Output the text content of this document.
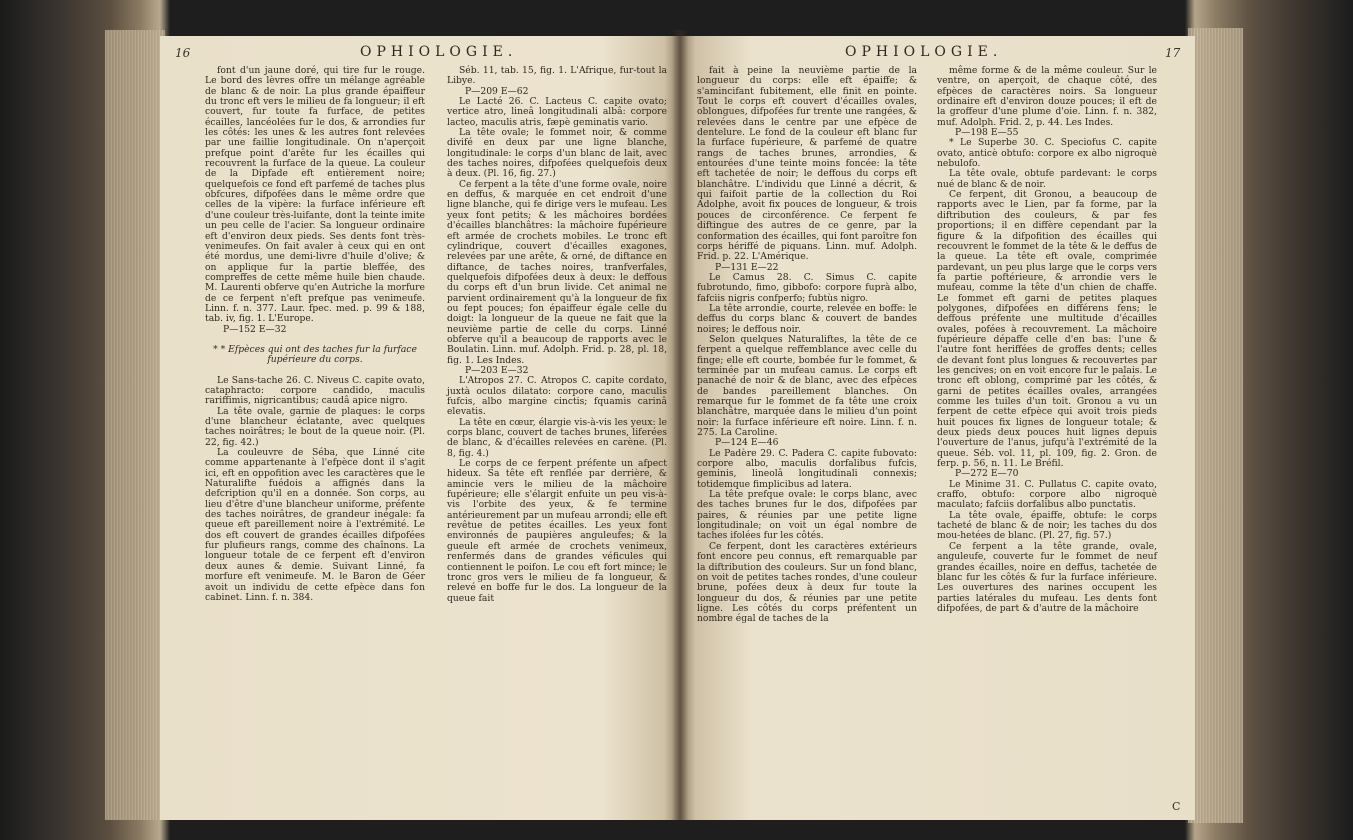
16	OPHIOLOGIE.	OPHIOLOGIE.	17

font d'un jaune doré, qui tire fur le rouge. Le bord des lèvres offre un mélange agréable de blanc & de noir. La plus grande épaiffeur du tronc eft vers le milieu de fa longueur; il eft couvert, fur toute fa furface, de petites écailles, lancéolées fur le dos, & arrondies fur les côtés: les unes & les autres font relevées par une faillie longitudinale. On n'aperçoit prefque point d'arête fur les écailles qui recouvrent la furface de la queue. La couleur de la Dipfade eft entièrement noire; quelquefois ce fond eft parfemé de taches plus obfcures, difpofées dans le même ordre que celles de la vipère: la furface inférieure eft d'une couleur très-luifante, dont la teinte imite un peu celle de l'acier. Sa longueur ordinaire eft d'environ deux pieds. Ses dents font très-venimeufes. On fait avaler à ceux qui en ont été mordus, une demi-livre d'huile d'olive; & on applique fur la partie bleffée, des compreffes de cette même huile bien chaude. M. Laurenti obferve qu'en Autriche la morfure de ce ferpent n'eft prefque pas venimeufe. Linn. f. n. 377. Laur. fpec. med. p. 99 & 188, tab. iv, fig. 1. L'Europe.

P—152 E—32

* * Efpèces qui ont des taches fur la furface fupérieure du corps.

Le Sans-tache 26. C. Niveus C. capite ovato, cataphracto: corpore candido, maculis rariffimis, nigricantibus; caudâ apice nigro.

La tête ovale, garnie de plaques: le corps d'une blancheur éclatante, avec quelques taches noirâtres; le bout de la queue noir. (Pl. 22, fig. 42.)

La couleuvre de Séba, que Linné cite comme appartenante à l'efpèce dont il s'agit ici, eft en oppofition avec les caractères que le Naturalifte fuédois a affignés dans la defcription qu'il en a donnée. Son corps, au lieu d'être d'une blancheur uniforme, préfente des taches noirâtres, de grandeur inégale: fa queue eft pareillement noire à l'extrémité. Le dos eft couvert de grandes écailles difpofées fur plufieurs rangs, comme des chaînons. La longueur totale de ce ferpent eft d'environ deux aunes & demie. Suivant Linné, fa morfure eft venimeufe. M. le Baron de Géer avoit un individu de cette efpèce dans fon cabinet. Linn. f. n. 384.

Séb. 11, tab. 15, fig. 1. L'Afrique, fur-tout la Libye.

P—209 E—62

Le Lacté 26. C. Lacteus C. capite ovato; vertice atro, lineâ longitudinali albâ: corpore lacteo, maculis atris, fæpè geminatis vario.

La tête ovale; le fommet noir, & comme divifé en deux par une ligne blanche, longitudinale: le corps d'un blanc de lait, avec des taches noires, difpofées quelquefois deux à deux. (Pl. 16, fig. 27.)

Ce ferpent a la tête d'une forme ovale, noire en deffus, & marquée en cet endroit d'une ligne blanche, qui fe dirige vers le mufeau. Les yeux font petits; & les mâchoires bordées d'écailles blanchâtres: la mâchoire fupérieure eft armée de crochets mobiles. Le tronc eft cylindrique, couvert d'écailles exagones, relevées par une arête, & orné, de diftance en diftance, de taches noires, tranfverfales, quelquefois difpofées deux à deux: le deffous du corps eft d'un brun livide. Cet animal ne parvient ordinairement qu'à la longueur de fix ou fept pouces; fon épaiffeur égale celle du doigt: la longueur de la queue ne fait que la neuvième partie de celle du corps. Linné obferve qu'il a beaucoup de rapports avec le Boulatin. Linn. muf. Adolph. Frid. p. 28, pl. 18, fig. 1. Les Indes.

P—203 E—32

L'Atropos 27. C. Atropos C. capite cordato, juxtà oculos dilatato: corpore cano, maculis fufcis, albo margine cinctis; fquamis carinâ elevatis.

La tête en cœur, élargie vis-à-vis les yeux: le corps blanc, couvert de taches brunes, liferées de blanc, & d'écailles relevées en carène. (Pl. 8, fig. 4.)

Le corps de ce ferpent préfente un afpect hideux. Sa tête eft renflée par derrière, & amincie vers le milieu de la mâchoire fupérieure; elle s'élargit enfuite un peu vis-à-vis l'orbite des yeux, & fe termine antérieurement par un mufeau arrondi; elle eft revêtue de petites écailles. Les yeux font environnés de paupières anguleufes; & la gueule eft armée de crochets venimeux, renfermés dans de grandes véficules qui contiennent le poifon. Le cou eft fort mince; le tronc gros vers le milieu de fa longueur, & relevé en boffe fur le dos. La longueur de la queue fait

fait à peine la neuvième partie de la longueur du corps: elle eft épaiffe; & s'amincifant fubitement, elle finit en pointe. Tout le corps eft couvert d'écailles ovales, oblongues, difpofées fur trente une rangées, & relevées dans le centre par une efpèce de dentelure. Le fond de la couleur eft blanc fur la furface fupérieure, & parfemé de quatre rangs de taches brunes, arrondies, & entourées d'une teinte moins foncée: la tête eft tachetée de noir; le deffous du corps eft blanchâtre. L'individu que Linné a décrit, & qui faifoit partie de la collection du Roi Adolphe, avoit fix pouces de longueur, & trois pouces de circonférence. Ce ferpent fe diftingue des autres de ce genre, par la conformation des écailles, qui font paroître fon corps hériffé de piquans. Linn. muf. Adolph. Frid. p. 22. L'Amérique.

P—131 E—22

Le Camus 28. C. Simus C. capite fubrotundo, fimo, gibbofo: corpore fuprà albo, fafciis nigris confperfo; fubtùs nigro.

La tête arrondie, courte, relevée en boffe: le deffus du corps blanc & couvert de bandes noires; le deffous noir.

Selon quelques Naturaliftes, la tête de ce ferpent a quelque reffemblance avec celle du finge; elle eft courte, bombée fur le fommet, & terminée par un mufeau camus. Le corps eft panaché de noir & de blanc, avec des efpèces de bandes pareillement blanches. On remarque fur le fommet de fa tête une croix blanchâtre, marquée dans le milieu d'un point noir: la furface inférieure eft noire. Linn. f. n. 275. La Caroline.

P—124 E—46

Le Padère 29. C. Padera C. capite fubovato: corpore albo, maculis dorfalibus fufcis, geminis, lineolâ longitudinali connexis; totidemque fimplicibus ad latera.

La tête prefque ovale: le corps blanc, avec des taches brunes fur le dos, difpofées par paires, & réunies par une petite ligne longitudinale; on voit un égal nombre de taches ifolées fur les côtés.

Ce ferpent, dont les caractères extérieurs font encore peu connus, eft remarquable par la diftribution des couleurs. Sur un fond blanc, on voit de petites taches rondes, d'une couleur brune, pofées deux à deux fur toute la longueur du dos, & réunies par une petite ligne. Les côtés du corps préfentent un nombre égal de taches de la

même forme & de la même couleur. Sur le ventre, on aperçoit, de chaque côté, des efpèces de caractères noirs. Sa longueur ordinaire eft d'environ douze pouces; il eft de la groffeur d'une plume d'oie. Linn. f. n. 382, muf. Adolph. Frid. 2, p. 44. Les Indes.

P—198 E—55

* Le Superbe 30. C. Speciofus C. capite ovato, anticè obtufo: corpore ex albo nigroquè nebulofo.

La tête ovale, obtufe pardevant: le corps nué de blanc & de noir.

Ce ferpent, dit Gronou, a beaucoup de rapports avec le Lien, par fa forme, par la diftribution des couleurs, & par fes proportions; il en diffère cependant par la figure & la difpofition des écailles qui recouvrent le fommet de la tête & le deffus de la queue. La tête eft ovale, comprimée pardevant, un peu plus large que le corps vers fa partie poftérieure, & arrondie vers le mufeau, comme la tête d'un chien de chaffe. Le fommet eft garni de petites plaques polygones, difpofées en différens fens; le deffous préfente une multitude d'écailles ovales, pofées à recouvrement. La mâchoire fupérieure dépaffe celle d'en bas: l'une & l'autre font heriffées de groffes dents; celles de devant font plus longues & recouvertes par les gencives; on en voit encore fur le palais. Le tronc eft oblong, comprimé par les côtés, & garni de petites écailles ovales, arrangées comme les tuiles d'un toit. Gronou a vu un ferpent de cette efpèce qui avoit trois pieds huit pouces fix lignes de longueur totale; & deux pieds deux pouces huit lignes depuis l'ouverture de l'anus, jufqu'à l'extrémité de la queue. Séb. vol. 11, pl. 109, fig. 2. Gron. de ferp. p. 56, n. 11. Le Bréfil.

P—272 E—70

Le Minime 31. C. Pullatus C. capite ovato, craffo, obtufo: corpore albo nigroquè maculato; fafciis dorfalibus albo punctatis.

La tête ovale, épaiffe, obtufe: le corps tacheté de blanc & de noir; les taches du dos mou-hetées de blanc. (Pl. 27, fig. 57.)

Ce ferpent a la tête grande, ovale, anguleufe, couverte fur le fommet de neuf grandes écailles, noire en deffus, tachetée de blanc fur les côtés & fur la furface inférieure. Les ouvertures des narines occupent les parties latérales du mufeau. Les dents font difpofées, de part & d'autre de la mâchoire

C
